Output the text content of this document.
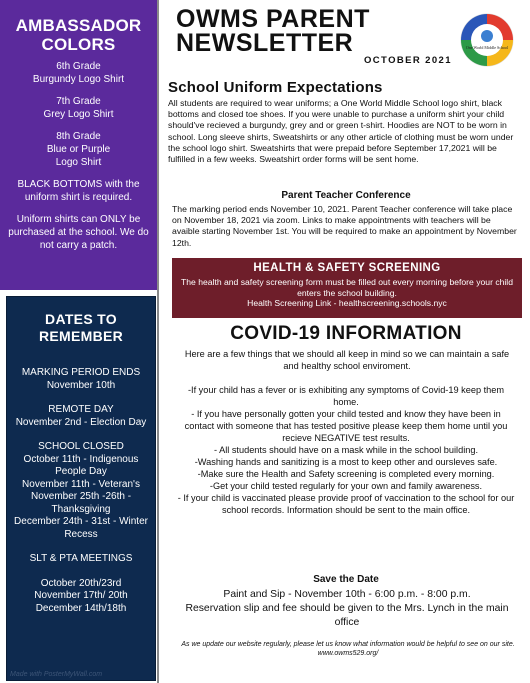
AMBASSADOR COLORS
6th Grade
Burgundy Logo Shirt
7th Grade
Grey Logo Shirt
8th Grade
Blue or Purple
Logo Shirt
BLACK BOTTOMS with the uniform shirt is required.
Uniform shirts can ONLY be purchased at the school. We do not carry a patch.
DATES TO REMEMBER
MARKING PERIOD ENDS
November 10th
REMOTE DAY
November 2nd - Election Day
SCHOOL CLOSED
October 11th - Indigenous People Day
November 11th - Veteran's
November 25th -26th - Thanksgiving
December 24th - 31st - Winter Recess
SLT & PTA MEETINGS
October 20th/23rd
November 17th/ 20th
December 14th/18th
Made with PosterMyWall.com
OWMS PARENT
NEWSLETTER
OCTOBER 2021
One World Middle School
School Uniform Expectations
All students are required to wear uniforms; a One World Middle School logo shirt, black bottoms and closed toe shoes. If you were unable to purchase a uniform shirt your child should've recieved a burgundy, grey and or green t-shirt. Hoodies are NOT to be worn in school. Long sleeve shirts, Sweatshirts or any other article of clothing must be worn under the school logo shirt. Sweatshirts that were prepaid before September 17,2021 will be fulfilled in a few weeks. Sweatshirt order forms will be sent home.
Parent Teacher Conference
The marking period ends November 10, 2021. Parent Teacher conference will take place on November 18, 2021 via zoom. Links to make appointments with teachers will be avaible starting November 1st. You will be required to make an appointment by November 12th.
HEALTH & SAFETY SCREENING
The health and safety screening form must be filled out every morning before your child enters the school building.
Health Screening Link - healthscreening.schools.nyc
COVID-19 INFORMATION
Here are a few things that we should all keep in mind so we can maintain a safe and healthy school enviroment.

-If your child has a fever or is exhibiting any symptoms of Covid-19 keep them home.

- If you have personally gotten your child tested and know they have been in contact with someone that has tested positive please keep them home until you recieve NEGATIVE test results.

- All students should have on a mask while in the school building.

-Washing hands and sanitizing is a most to keep other and oursleves safe.

-Make sure the Health and Safety screening is completed every morning.

-Get your child tested regularly for your own and family awareness.

- If your child is vaccinated please provide proof of vaccination to the school for our school records. Information should be sent to the main office.

Save the Date
Paint and Sip - November 10th - 6:00 p.m. - 8:00 p.m.
Reservation slip and fee should be given to the Mrs. Lynch in the main office
As we update our website regularly, please let us know what information would be helpful to see on our site. www.owms529.org/
